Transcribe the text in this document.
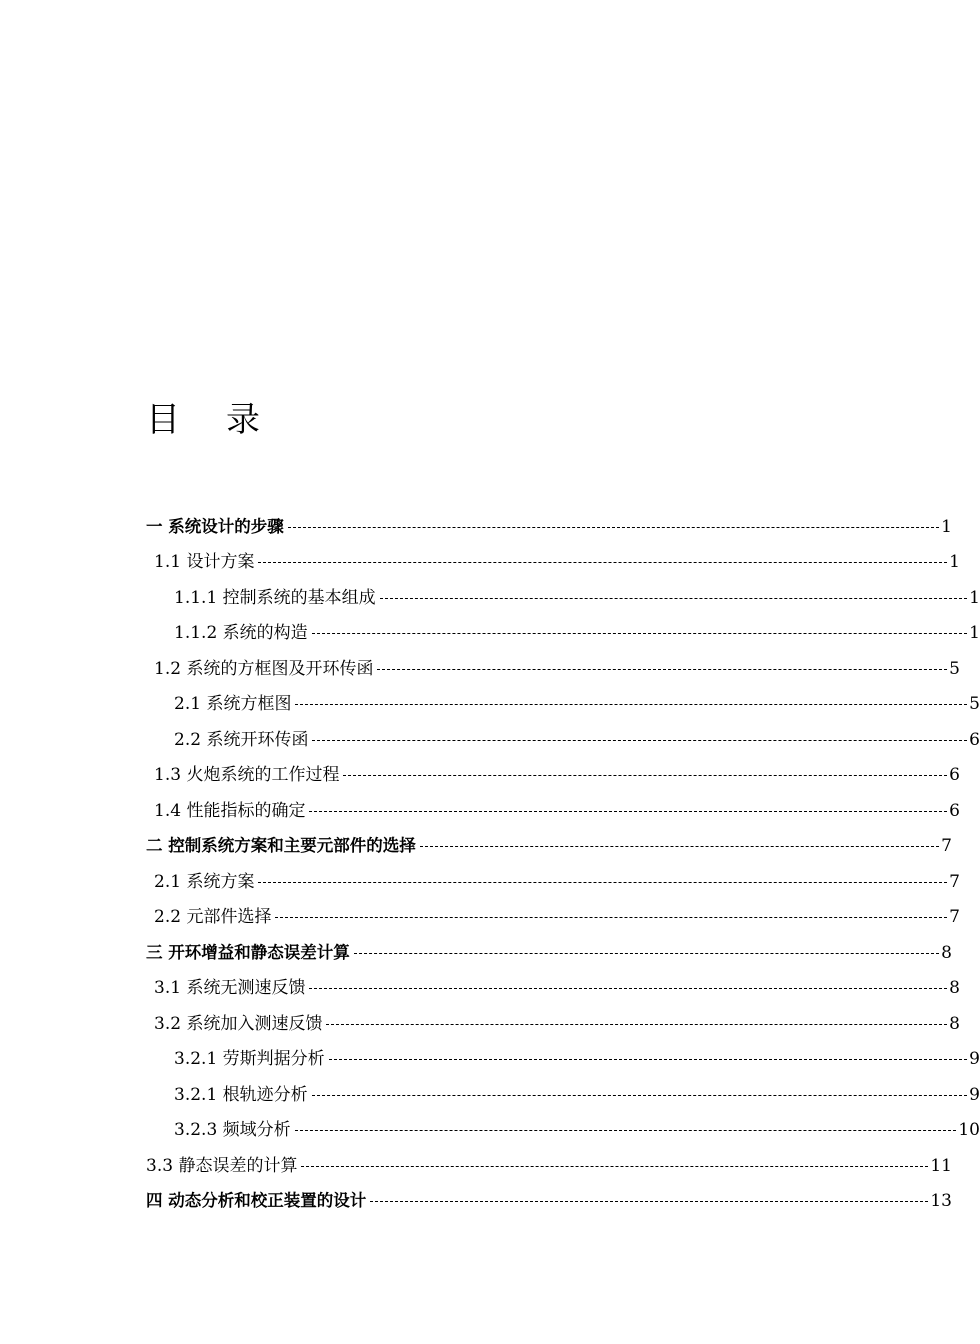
目录
一 系统设计的步骤	1
1.1 设计方案	1
1.1.1 控制系统的基本组成	1
1.1.2 系统的构造	1
1.2 系统的方框图及开环传函	5
2.1 系统方框图	5
2.2 系统开环传函	6
1.3 火炮系统的工作过程	6
1.4 性能指标的确定	6
二 控制系统方案和主要元部件的选择	7
2.1 系统方案	7
2.2 元部件选择	7
三 开环增益和静态误差计算	8
3.1 系统无测速反馈	8
3.2 系统加入测速反馈	8
3.2.1 劳斯判据分析	9
3.2.1 根轨迹分析	9
3.2.3 频域分析	10
3.3 静态误差的计算	11
四 动态分析和校正装置的设计	13
